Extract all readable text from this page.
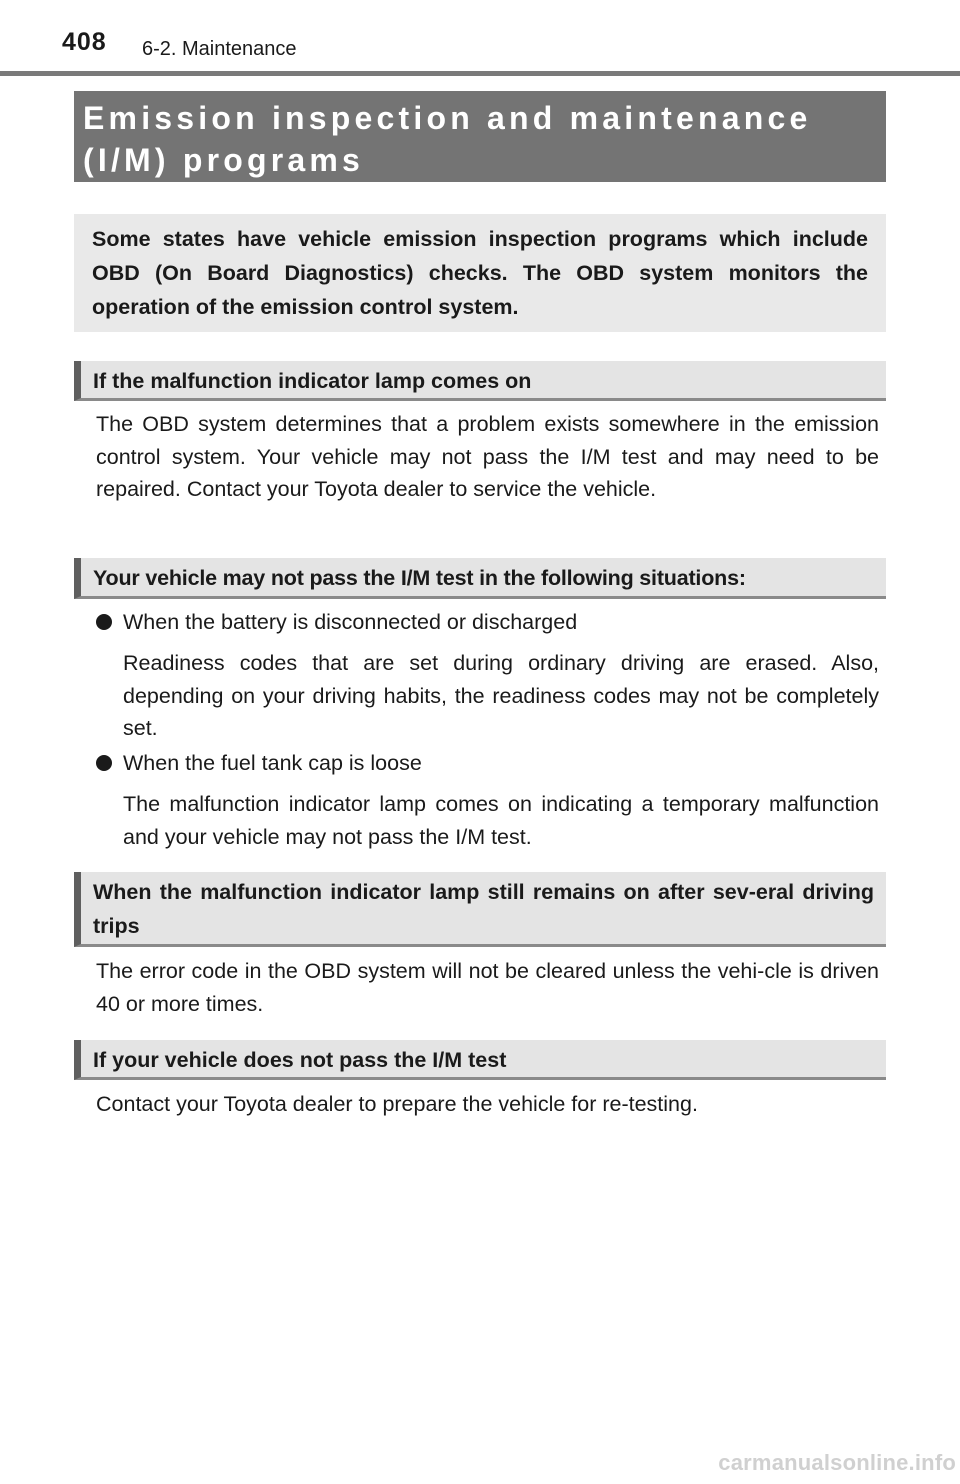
408 6-2. Maintenance
Emission inspection and maintenance (I/M) programs

Some states have vehicle emission inspection programs which include OBD (On Board Diagnostics) checks. The OBD system monitors the operation of the emission control system.

If the malfunction indicator lamp comes on

The OBD system determines that a problem exists somewhere in the emission control system. Your vehicle may not pass the I/M test and may need to be repaired. Contact your Toyota dealer to service the vehicle.

Your vehicle may not pass the I/M test in the following situations:

When the battery is disconnected or discharged

Readiness codes that are set during ordinary driving are erased. Also, depending on your driving habits, the readiness codes may not be completely set.

When the fuel tank cap is loose

The malfunction indicator lamp comes on indicating a temporary malfunction and your vehicle may not pass the I/M test.

When the malfunction indicator lamp still remains on after sev-eral driving trips

The error code in the OBD system will not be cleared unless the vehi-cle is driven 40 or more times.

If your vehicle does not pass the I/M test

Contact your Toyota dealer to prepare the vehicle for re-testing.

carmanualsonline.info
